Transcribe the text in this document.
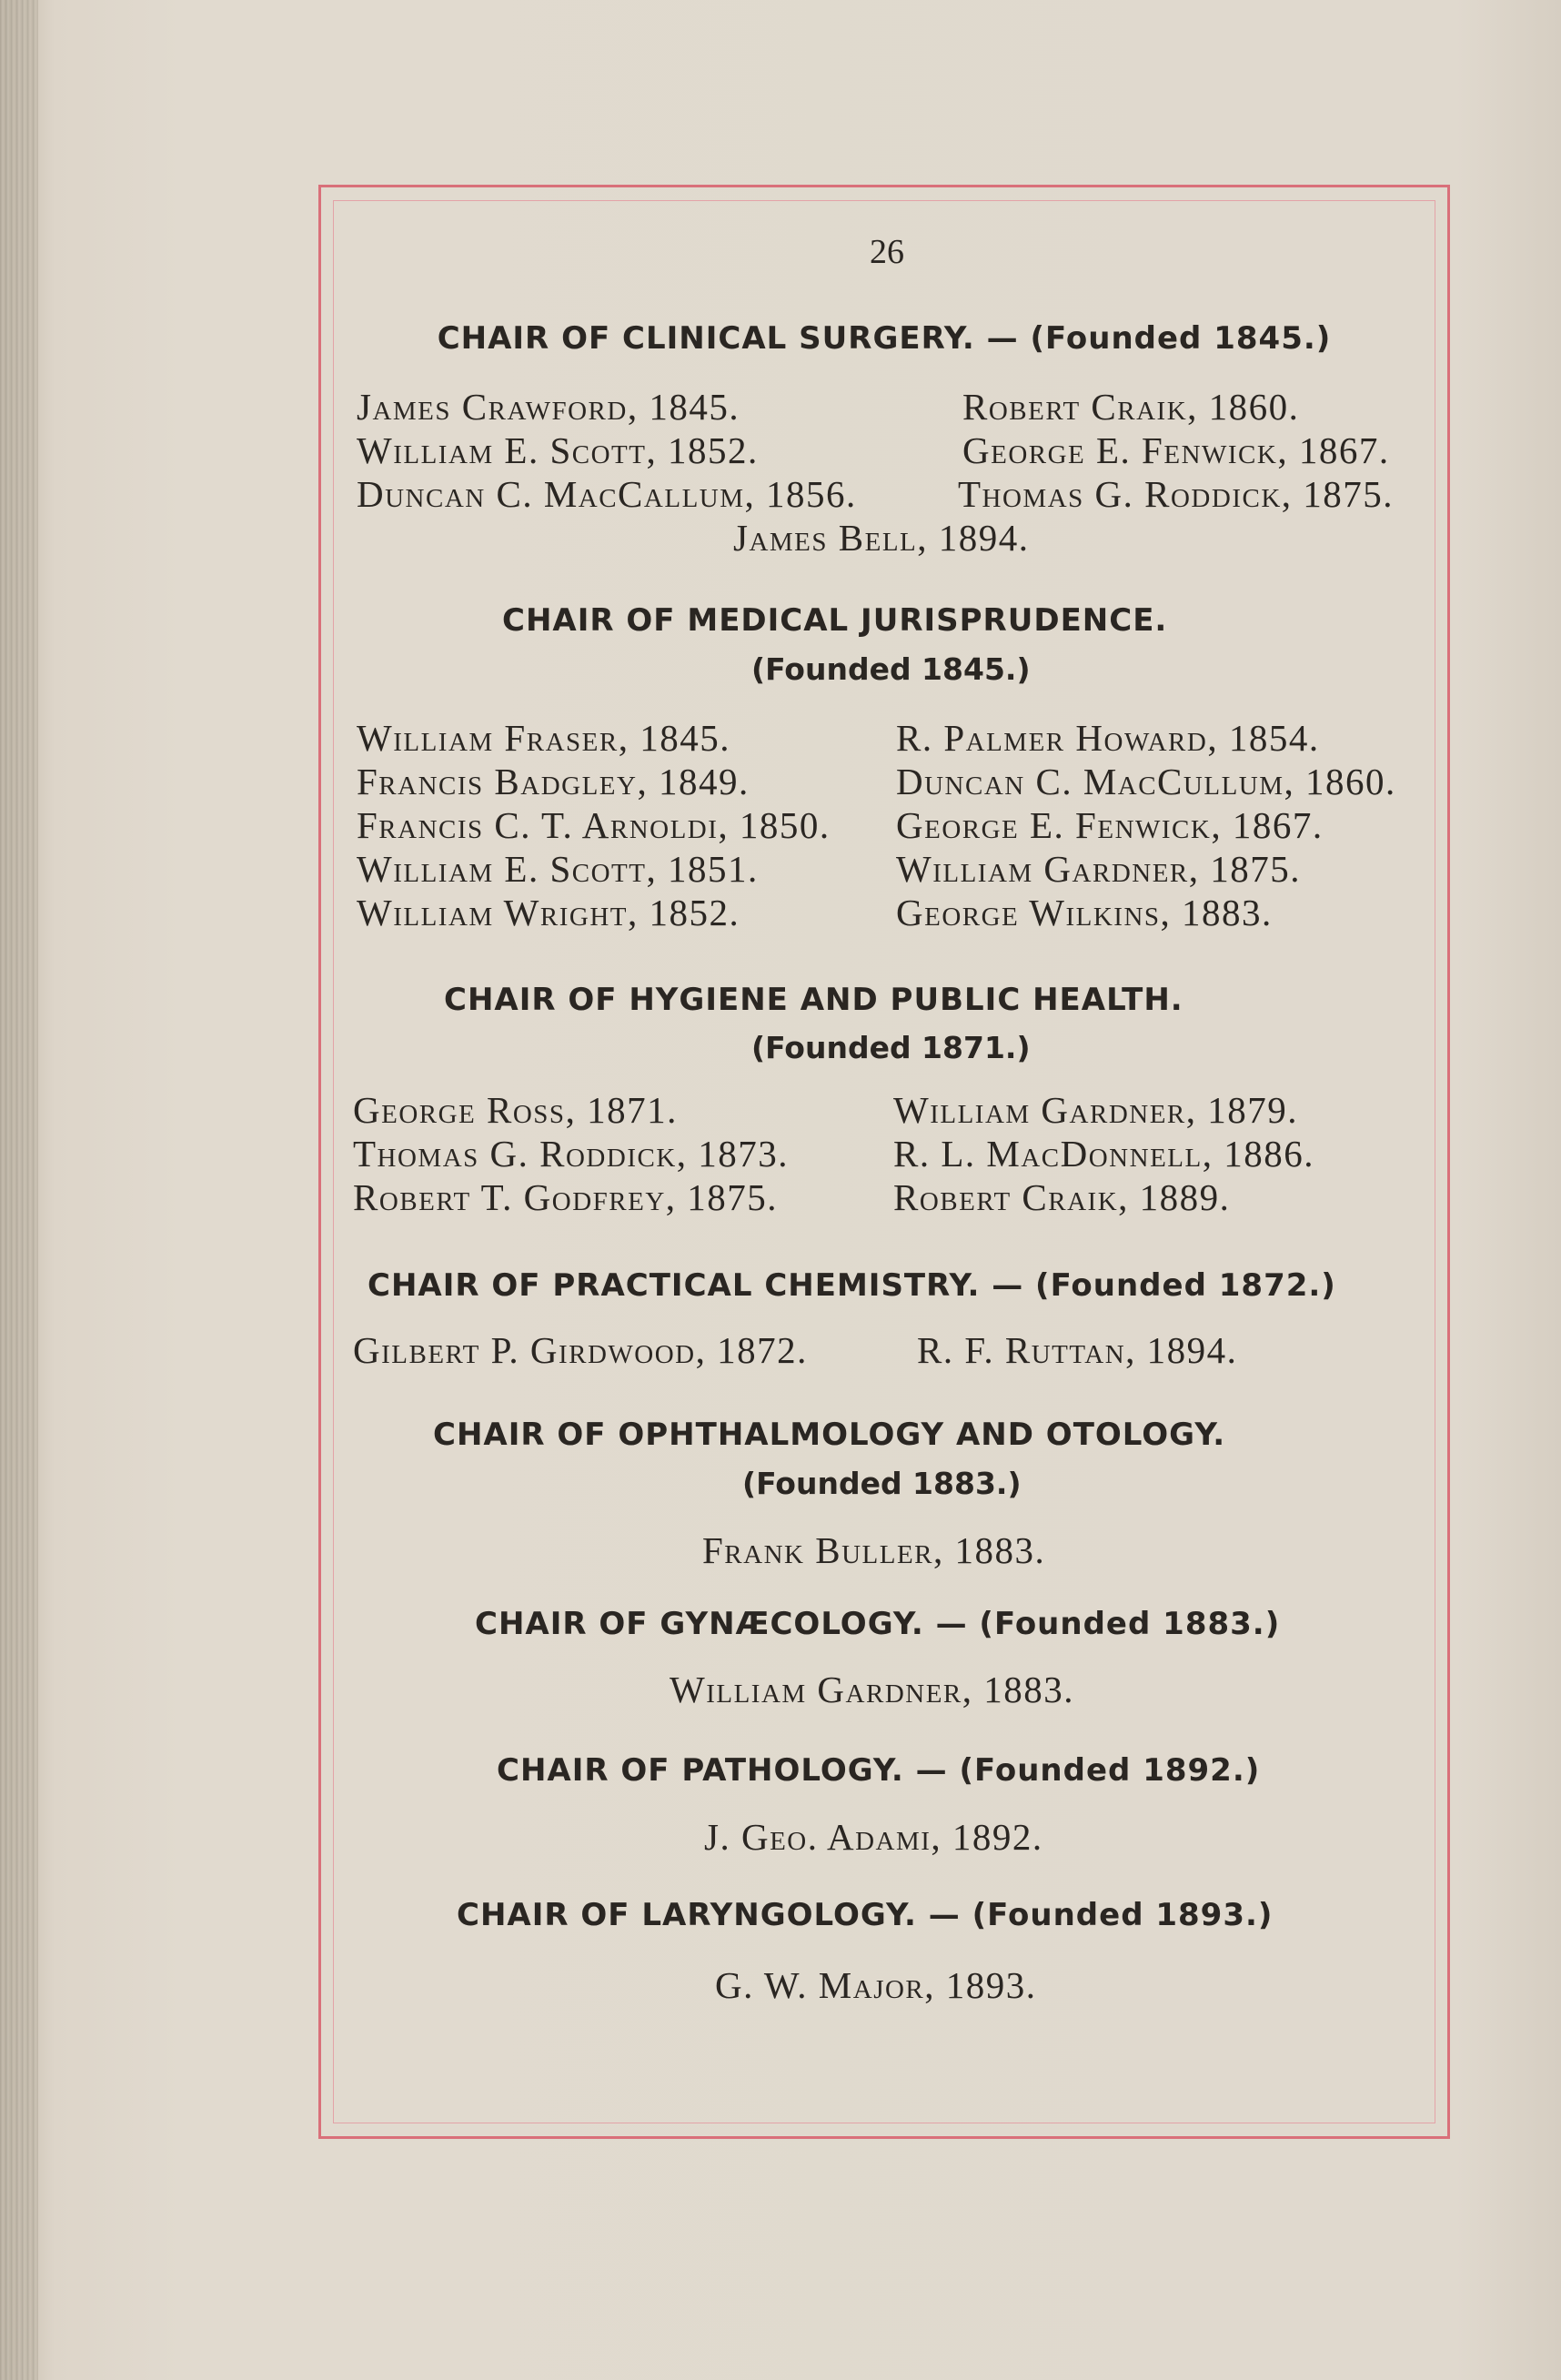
26
CHAIR OF CLINICAL SURGERY. — (Founded 1845.)
James Crawford, 1845.
William E. Scott, 1852.
Duncan C. MacCallum, 1856.
Robert Craik, 1860.
George E. Fenwick, 1867.
Thomas G. Roddick, 1875.
James Bell, 1894.
CHAIR OF MEDICAL JURISPRUDENCE.
(Founded 1845.)
William Fraser, 1845.
Francis Badgley, 1849.
Francis C. T. Arnoldi, 1850.
William E. Scott, 1851.
William Wright, 1852.
R. Palmer Howard, 1854.
Duncan C. MacCullum, 1860.
George E. Fenwick, 1867.
William Gardner, 1875.
George Wilkins, 1883.
CHAIR OF HYGIENE AND PUBLIC HEALTH.
(Founded 1871.)
George Ross, 1871.
Thomas G. Roddick, 1873.
Robert T. Godfrey, 1875.
William Gardner, 1879.
R. L. MacDonnell, 1886.
Robert Craik, 1889.
CHAIR OF PRACTICAL CHEMISTRY. — (Founded 1872.)
Gilbert P. Girdwood, 1872.	R. F. Ruttan, 1894.
CHAIR OF OPHTHALMOLOGY AND OTOLOGY.
(Founded 1883.)
Frank Buller, 1883.
CHAIR OF GYNÆCOLOGY. — (Founded 1883.)
William Gardner, 1883.
CHAIR OF PATHOLOGY. — (Founded 1892.)
J. Geo. Adami, 1892.
CHAIR OF LARYNGOLOGY. — (Founded 1893.)
G. W. Major, 1893.
